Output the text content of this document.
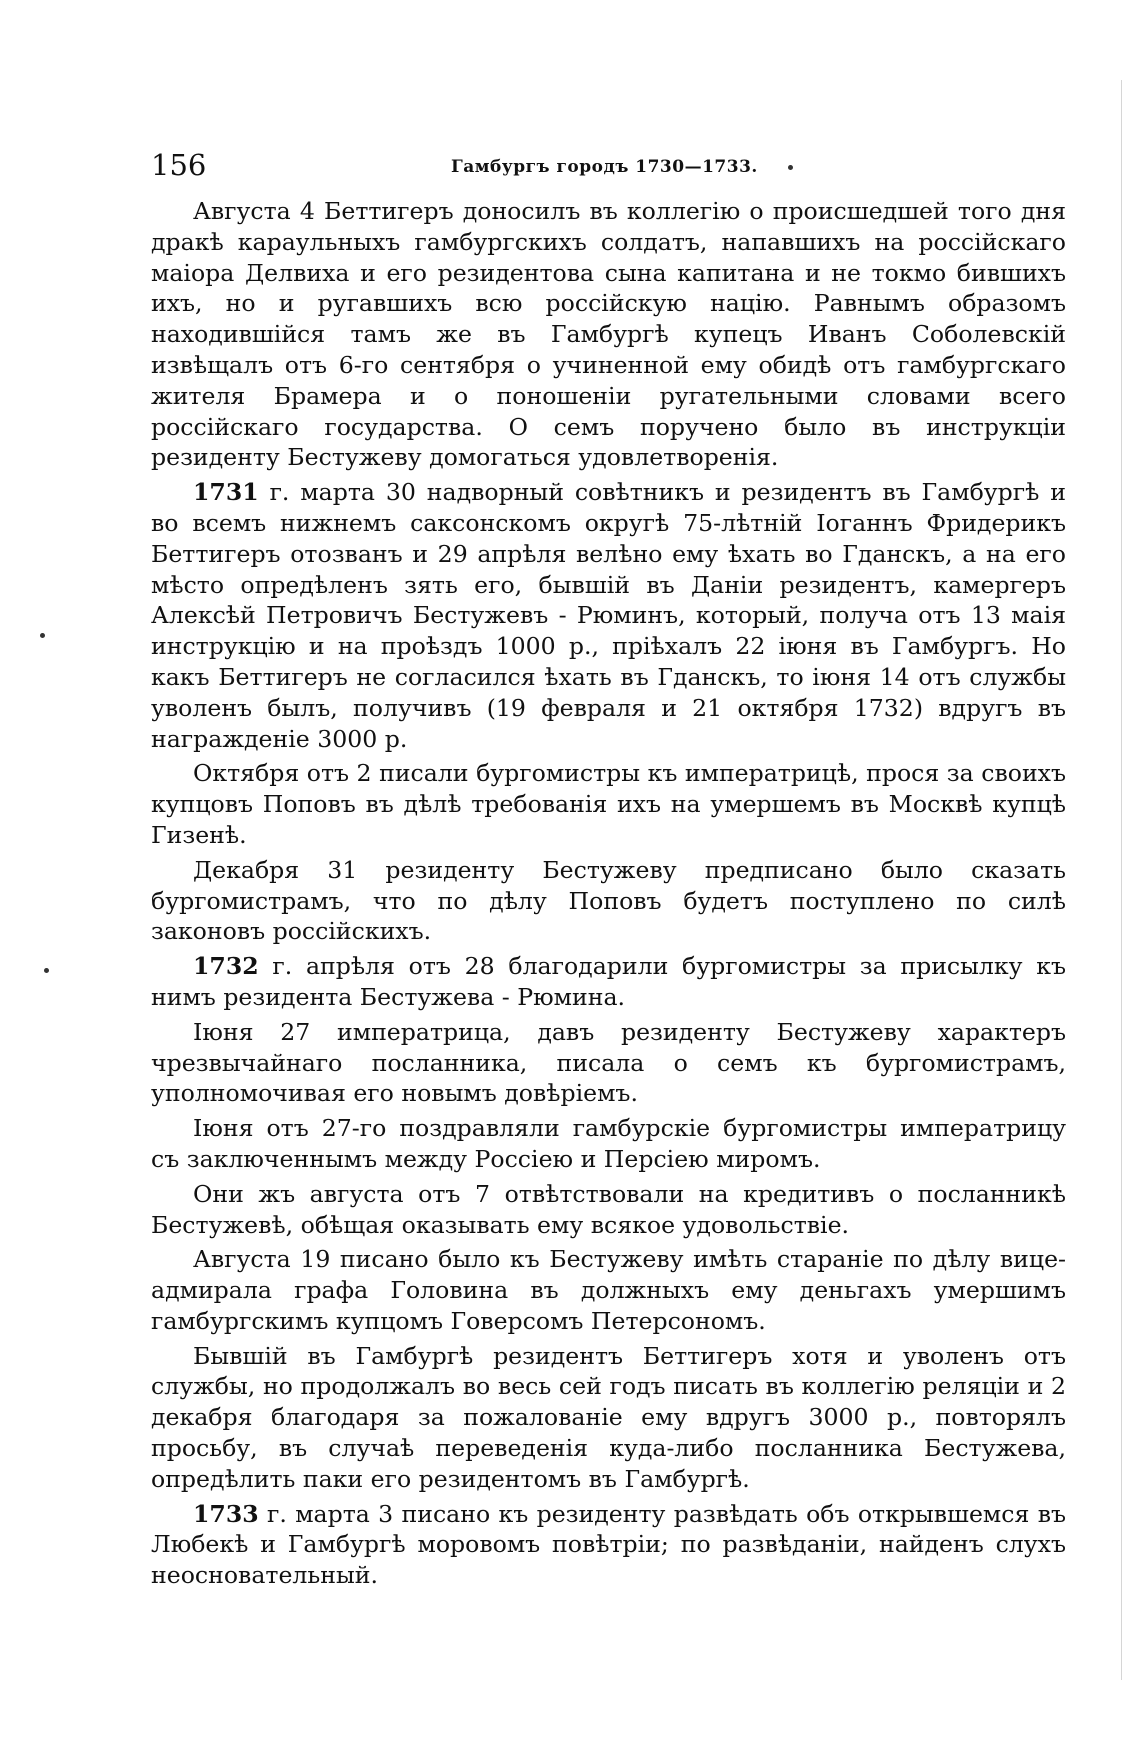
156	Гамбургъ городъ 1730—1733.

Августа 4 Беттигеръ доносилъ въ коллегію о происшедшей того дня дракѣ караульныхъ гамбургскихъ солдатъ, напавшихъ на россійскаго маіора Делвиха и его резидентова сына капитана и не токмо бившихъ ихъ, но и ругавшихъ всю россійскую націю. Равнымъ образомъ находившійся тамъ же въ Гамбургѣ купецъ Иванъ Соболевскій извѣщалъ отъ 6-го сентября о учиненной ему обидѣ отъ гамбургскаго жителя Брамера и о поношеніи ругательными словами всего россійскаго государства. О семъ поручено было въ инструкціи резиденту Бестужеву домогаться удовлетворенія.

1731 г. марта 30 надворный совѣтникъ и резидентъ въ Гамбургѣ и во всемъ нижнемъ саксонскомъ округѣ 75-лѣтній Іоганнъ Фридерикъ Беттигеръ отозванъ и 29 апрѣля велѣно ему ѣхать во Гданскъ, а на его мѣсто опредѣленъ зять его, бывшій въ Даніи резидентъ, камергеръ Алексѣй Петровичъ Бестужевъ - Рюминъ, который, получа отъ 13 маія инструкцію и на проѣздъ 1000 р., пріѣхалъ 22 іюня въ Гамбургъ. Но какъ Беттигеръ не согласился ѣхать въ Гданскъ, то іюня 14 отъ службы уволенъ былъ, получивъ (19 февраля и 21 октября 1732) вдругъ въ награжденіе 3000 р.

Октября отъ 2 писали бургомистры къ императрицѣ, прося за своихъ купцовъ Поповъ въ дѣлѣ требованія ихъ на умершемъ въ Москвѣ купцѣ Гизенѣ.

Декабря 31 резиденту Бестужеву предписано было сказать бургомистрамъ, что по дѣлу Поповъ будетъ поступлено по силѣ законовъ россійскихъ.

1732 г. апрѣля отъ 28 благодарили бургомистры за присылку къ нимъ резидента Бестужева - Рюмина.

Іюня 27 императрица, давъ резиденту Бестужеву характеръ чрезвычайнаго посланника, писала о семъ къ бургомистрамъ, уполномочивая его новымъ довѣріемъ.

Іюня отъ 27-го поздравляли гамбурскіе бургомистры императрицу съ заключеннымъ между Россіею и Персіею миромъ.

Они жъ августа отъ 7 отвѣтствовали на кредитивъ о посланникѣ Бестужевѣ, обѣщая оказывать ему всякое удовольствіе.

Августа 19 писано было къ Бестужеву имѣть стараніе по дѣлу вице-адмирала графа Головина въ должныхъ ему деньгахъ умершимъ гамбургскимъ купцомъ Говерсомъ Петерсономъ.

Бывшій въ Гамбургѣ резидентъ Беттигеръ хотя и уволенъ отъ службы, но продолжалъ во весь сей годъ писать въ коллегію реляціи и 2 декабря благодаря за пожалованіе ему вдругъ 3000 р., повторялъ просьбу, въ случаѣ переведенія куда-либо посланника Бестужева, опредѣлить паки его резидентомъ въ Гамбургѣ.

1733 г. марта 3 писано къ резиденту развѣдать объ открывшемся въ Любекѣ и Гамбургѣ моровомъ повѣтріи; по развѣданіи, найденъ слухъ неосновательный.
